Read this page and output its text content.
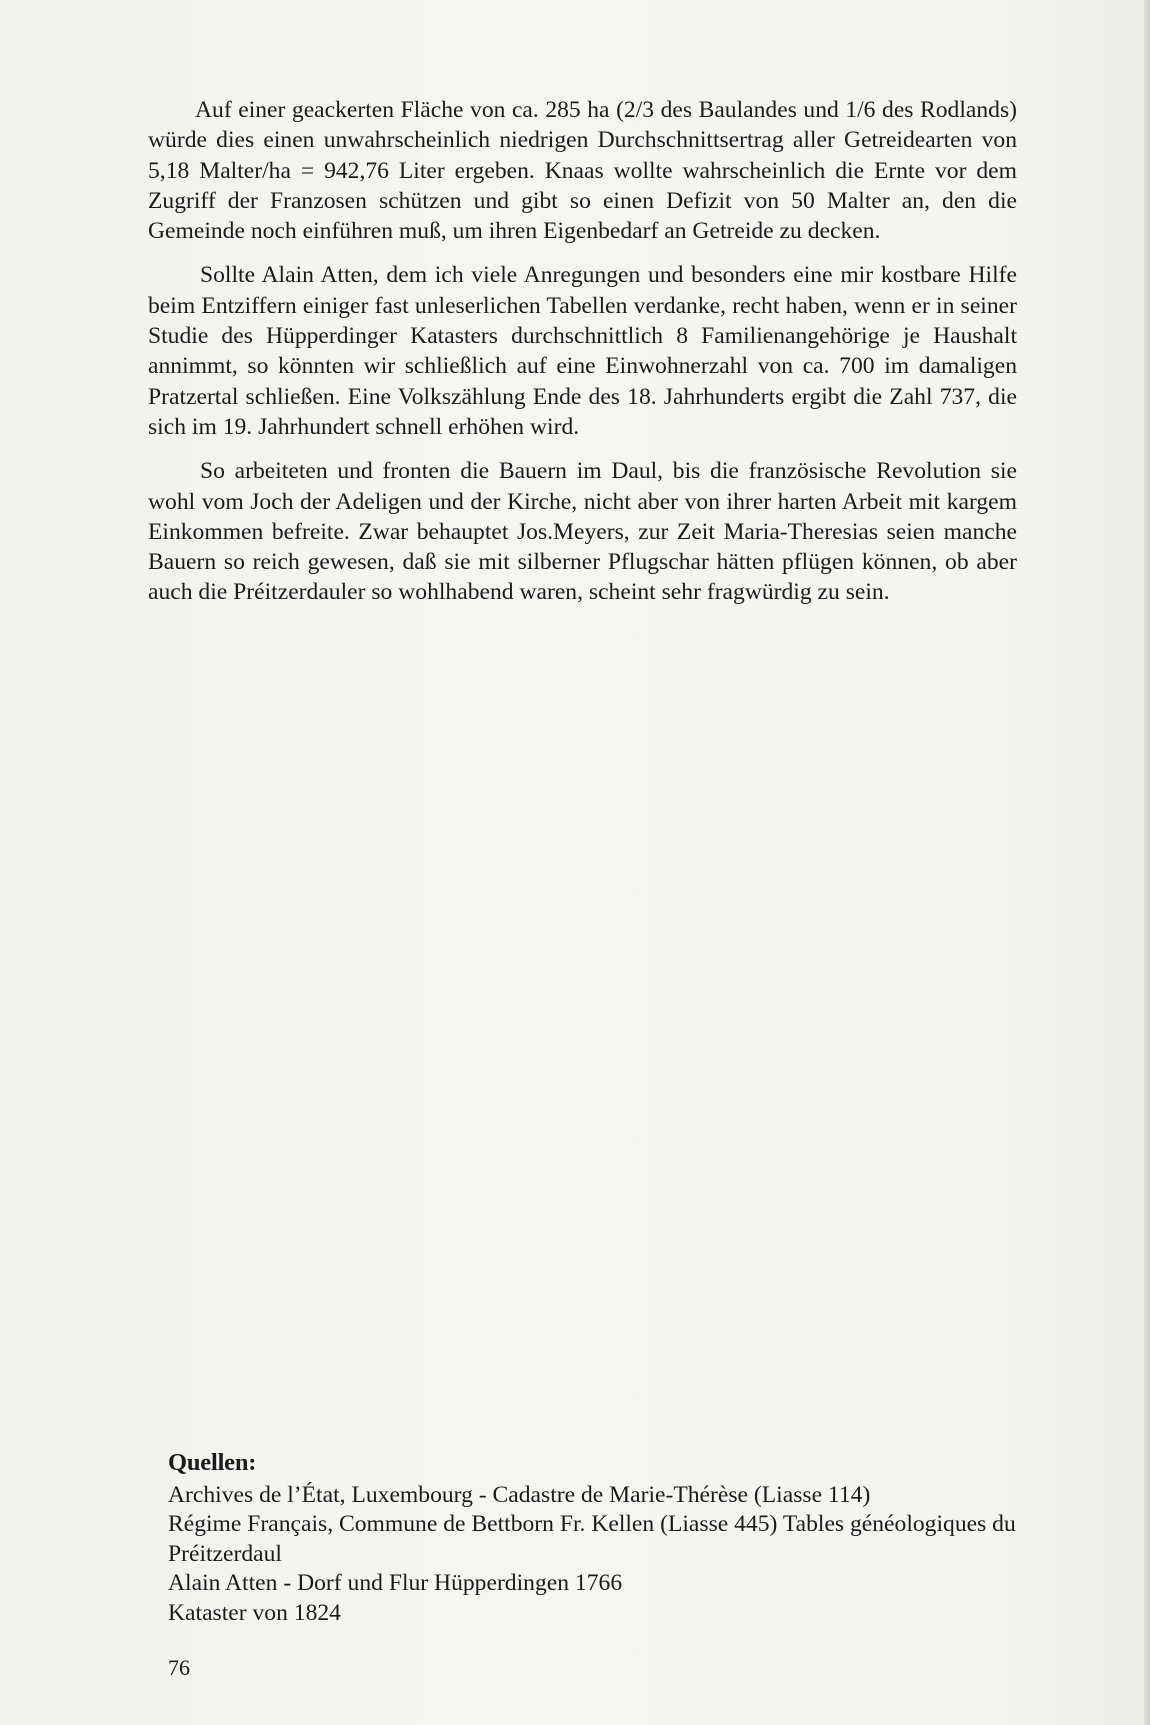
Auf einer geackerten Fläche von ca. 285 ha (2/3 des Baulandes und 1/6 des Rodlands) würde dies einen unwahrscheinlich niedrigen Durchschnittsertrag aller Getreidearten von 5,18 Malter/ha = 942,76 Liter ergeben. Knaas wollte wahrscheinlich die Ernte vor dem Zugriff der Franzosen schützen und gibt so einen Defizit von 50 Malter an, den die Gemeinde noch einführen muß, um ihren Eigenbedarf an Getreide zu decken.

Sollte Alain Atten, dem ich viele Anregungen und besonders eine mir kostbare Hilfe beim Entziffern einiger fast unleserlichen Tabellen verdanke, recht haben, wenn er in seiner Studie des Hüpperdinger Katasters durchschnittlich 8 Familienangehörige je Haushalt annimmt, so könnten wir schließlich auf eine Einwohnerzahl von ca. 700 im damaligen Pratzertal schließen. Eine Volkszählung Ende des 18. Jahrhunderts ergibt die Zahl 737, die sich im 19. Jahrhundert schnell erhöhen wird.

So arbeiteten und fronten die Bauern im Daul, bis die französische Revolution sie wohl vom Joch der Adeligen und der Kirche, nicht aber von ihrer harten Arbeit mit kargem Einkommen befreite. Zwar behauptet Jos.Meyers, zur Zeit Maria-Theresias seien manche Bauern so reich gewesen, daß sie mit silberner Pflugschar hätten pflügen können, ob aber auch die Préitzerdauler so wohlhabend waren, scheint sehr fragwürdig zu sein.

Quellen:

Archives de l’État, Luxembourg - Cadastre de Marie-Thérèse (Liasse 114)

Régime Français, Commune de Bettborn Fr. Kellen (Liasse 445) Tables généologiques du Préitzerdaul

Alain Atten - Dorf und Flur Hüpperdingen 1766

Kataster von 1824

76
